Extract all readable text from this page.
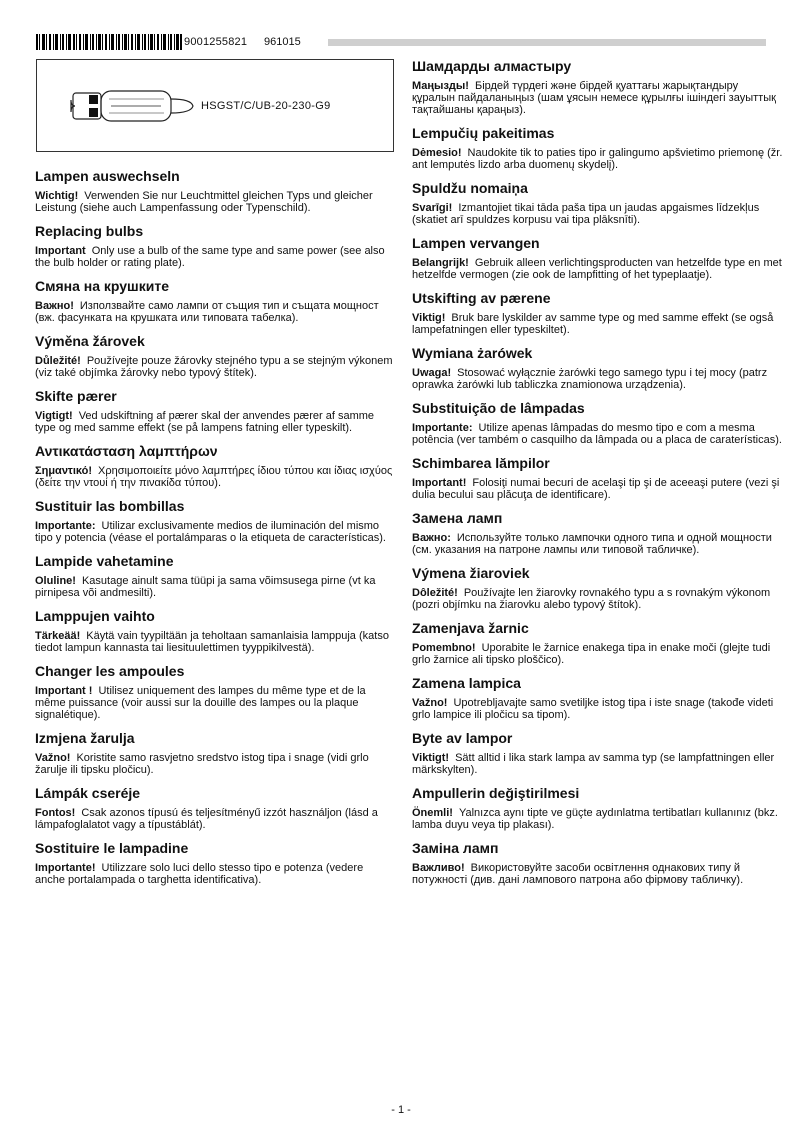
9001255821 961015
HSGST/C/UB-20-230-G9
Lampen auswechseln

Wichtig! Verwenden Sie nur Leuchtmittel gleichen Typs und gleicher Leistung (siehe auch Lampenfassung oder Typenschild).

Replacing bulbs

Important Only use a bulb of the same type and same power (see also the bulb holder or rating plate).

Смяна на крушките

Важно! Използвайте само лампи от същия тип и същата мощност (вж. фасунката на крушката или типовата табелка).

Výměna žárovek

Důležité! Používejte pouze žárovky stejného typu a se stejným výkonem (viz také objímka žárovky nebo typový štítek).

Skifte pærer

Vigtigt! Ved udskiftning af pærer skal der anvendes pærer af samme type og med samme effekt (se på lampens fatning eller typeskilt).

Αντικατάσταση λαμπτήρων

Σημαντικό! Χρησιμοποιείτε μόνο λαμπτήρες ίδιου τύπου και ίδιας ισχύος (δείτε την ντουί ή την πινακίδα τύπου).

Sustituir las bombillas

Importante: Utilizar exclusivamente medios de iluminación del mismo tipo y potencia (véase el portalámparas o la etiqueta de características).

Lampide vahetamine

Oluline! Kasutage ainult sama tüüpi ja sama võimsusega pirne (vt ka pirnipesa või andmesilti).

Lamppujen vaihto

Tärkeää! Käytä vain tyypiltään ja teholtaan samanlaisia lamppuja (katso tiedot lampun kannasta tai liesituulettimen tyyppikilvestä).

Changer les ampoules

Important ! Utilisez uniquement des lampes du même type et de la même puissance (voir aussi sur la douille des lampes ou la plaque signalétique).

Izmjena žarulja

Važno! Koristite samo rasvjetno sredstvo istog tipa i snage (vidi grlo žarulje ili tipsku pločicu).

Lámpák cseréje

Fontos! Csak azonos típusú és teljesítményű izzót használjon (lásd a lámpafoglalatot vagy a típustáblát).

Sostituire le lampadine

Importante! Utilizzare solo luci dello stesso tipo e potenza (vedere anche portalampada o targhetta identificativa).

Шамдарды алмастыру

Маңызды! Бірдей түрдегі және бірдей қуаттағы жарықтандыру құралын пайдаланыңыз (шам ұясын немесе құрылғы ішіндегі зауыттық тақтайшаны қараңыз).

Lempučių pakeitimas

Dėmesio! Naudokite tik to paties tipo ir galingumo apšvietimo priemonę (žr. ant lemputės lizdo arba duomenų skydelį).

Spuldžu nomaiņa

Svarīgi! Izmantojiet tikai tāda paša tipa un jaudas apgaismes līdzekļus (skatiet arī spuldzes korpusu vai tipa plāksnīti).

Lampen vervangen

Belangrijk! Gebruik alleen verlichtingsproducten van hetzelfde type en met hetzelfde vermogen (zie ook de lampfitting of het typeplaatje).

Utskifting av pærene

Viktig! Bruk bare lyskilder av samme type og med samme effekt (se også lampefatningen eller typeskiltet).

Wymiana żarówek

Uwaga! Stosować wyłącznie żarówki tego samego typu i tej mocy (patrz oprawka żarówki lub tabliczka znamionowa urządzenia).

Substituição de lâmpadas

Importante: Utilize apenas lâmpadas do mesmo tipo e com a mesma potência (ver também o casquilho da lâmpada ou a placa de caraterísticas).

Schimbarea lămpilor

Important! Folosiţi numai becuri de acelaşi tip şi de aceeaşi putere (vezi şi dulia becului sau plăcuţa de identificare).

Замена ламп

Важно: Используйте только лампочки одного типа и одной мощности (см. указания на патроне лампы или типовой табличке).

Výmena žiaroviek

Dôležité! Používajte len žiarovky rovnakého typu a s rovnakým výkonom (pozri objímku na žiarovku alebo typový štítok).

Zamenjava žarnic

Pomembno! Uporabite le žarnice enakega tipa in enake moči (glejte tudi grlo žarnice ali tipsko ploščico).

Zamena lampica

Važno! Upotrebljavajte samo svetiljke istog tipa i iste snage (takođe videti grlo lampice ili pločicu sa tipom).

Byte av lampor

Viktigt! Sätt alltid i lika stark lampa av samma typ (se lampfattningen eller märkskylten).

Ampullerin değiştirilmesi

Önemli! Yalnızca aynı tipte ve güçte aydınlatma tertibatları kullanınız (bkz. lamba duyu veya tip plakası).

Заміна ламп

Важливо! Використовуйте засоби освітлення однакових типу й потужності (див. дані лампового патрона або фірмову табличку).

- 1 -
